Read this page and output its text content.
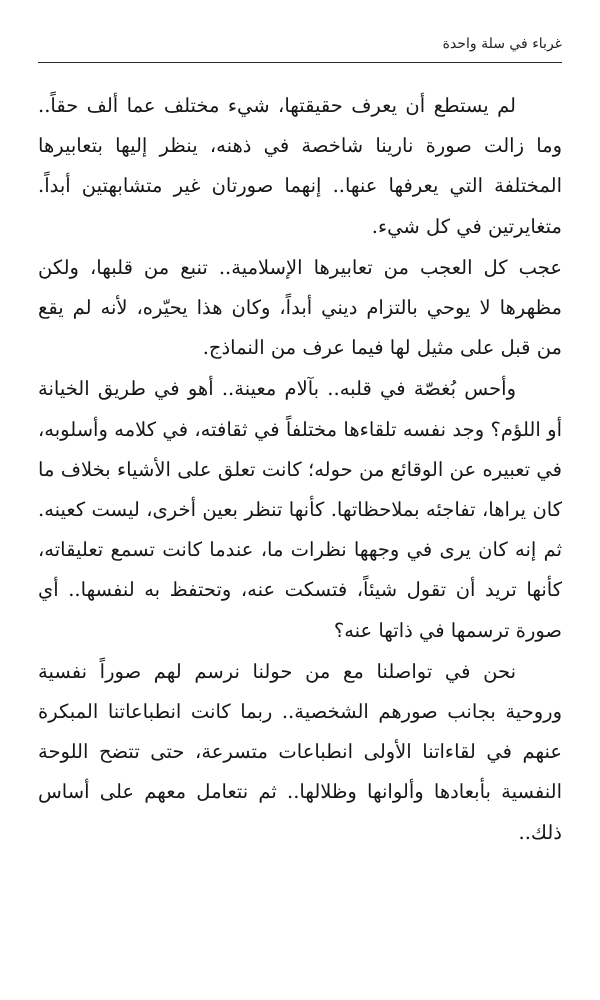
غرباء في سلة واحدة

لم يستطع أن يعرف حقيقتها، شيء مختلف عما ألف حقاً.. وما زالت صورة نارينا شاخصة في ذهنه، ينظر إليها بتعابيرها المختلفة التي يعرفها عنها.. إنهما صورتان غير متشابهتين أبداً. متغايرتين في كل شيء.

عجب كل العجب من تعابيرها الإسلامية.. تنبع من قلبها، ولكن مظهرها لا يوحي بالتزام ديني أبداً، وكان هذا يحيّره، لأنه لم يقع من قبل على مثيل لها فيما عرف من النماذج.

وأحس بُغصّة في قلبه.. بآلام معينة.. أهو في طريق الخيانة أو اللؤم؟ وجد نفسه تلقاءها مختلفاً في ثقافته، في كلامه وأسلوبه، في تعبيره عن الوقائع من حوله؛ كانت تعلق على الأشياء بخلاف ما كان يراها، تفاجئه بملاحظاتها. كأنها تنظر بعين أخرى، ليست كعينه. ثم إنه كان يرى في وجهها نظرات ما، عندما كانت تسمع تعليقاته، كأنها تريد أن تقول شيئاً، فتسكت عنه، وتحتفظ به لنفسها.. أي صورة ترسمها في ذاتها عنه؟

نحن في تواصلنا مع من حولنا نرسم لهم صوراً نفسية وروحية بجانب صورهم الشخصية.. ربما كانت انطباعاتنا المبكرة عنهم في لقاءاتنا الأولى انطباعات متسرعة، حتى تتضح اللوحة النفسية بأبعادها وألوانها وظلالها.. ثم نتعامل معهم على أساس ذلك..
